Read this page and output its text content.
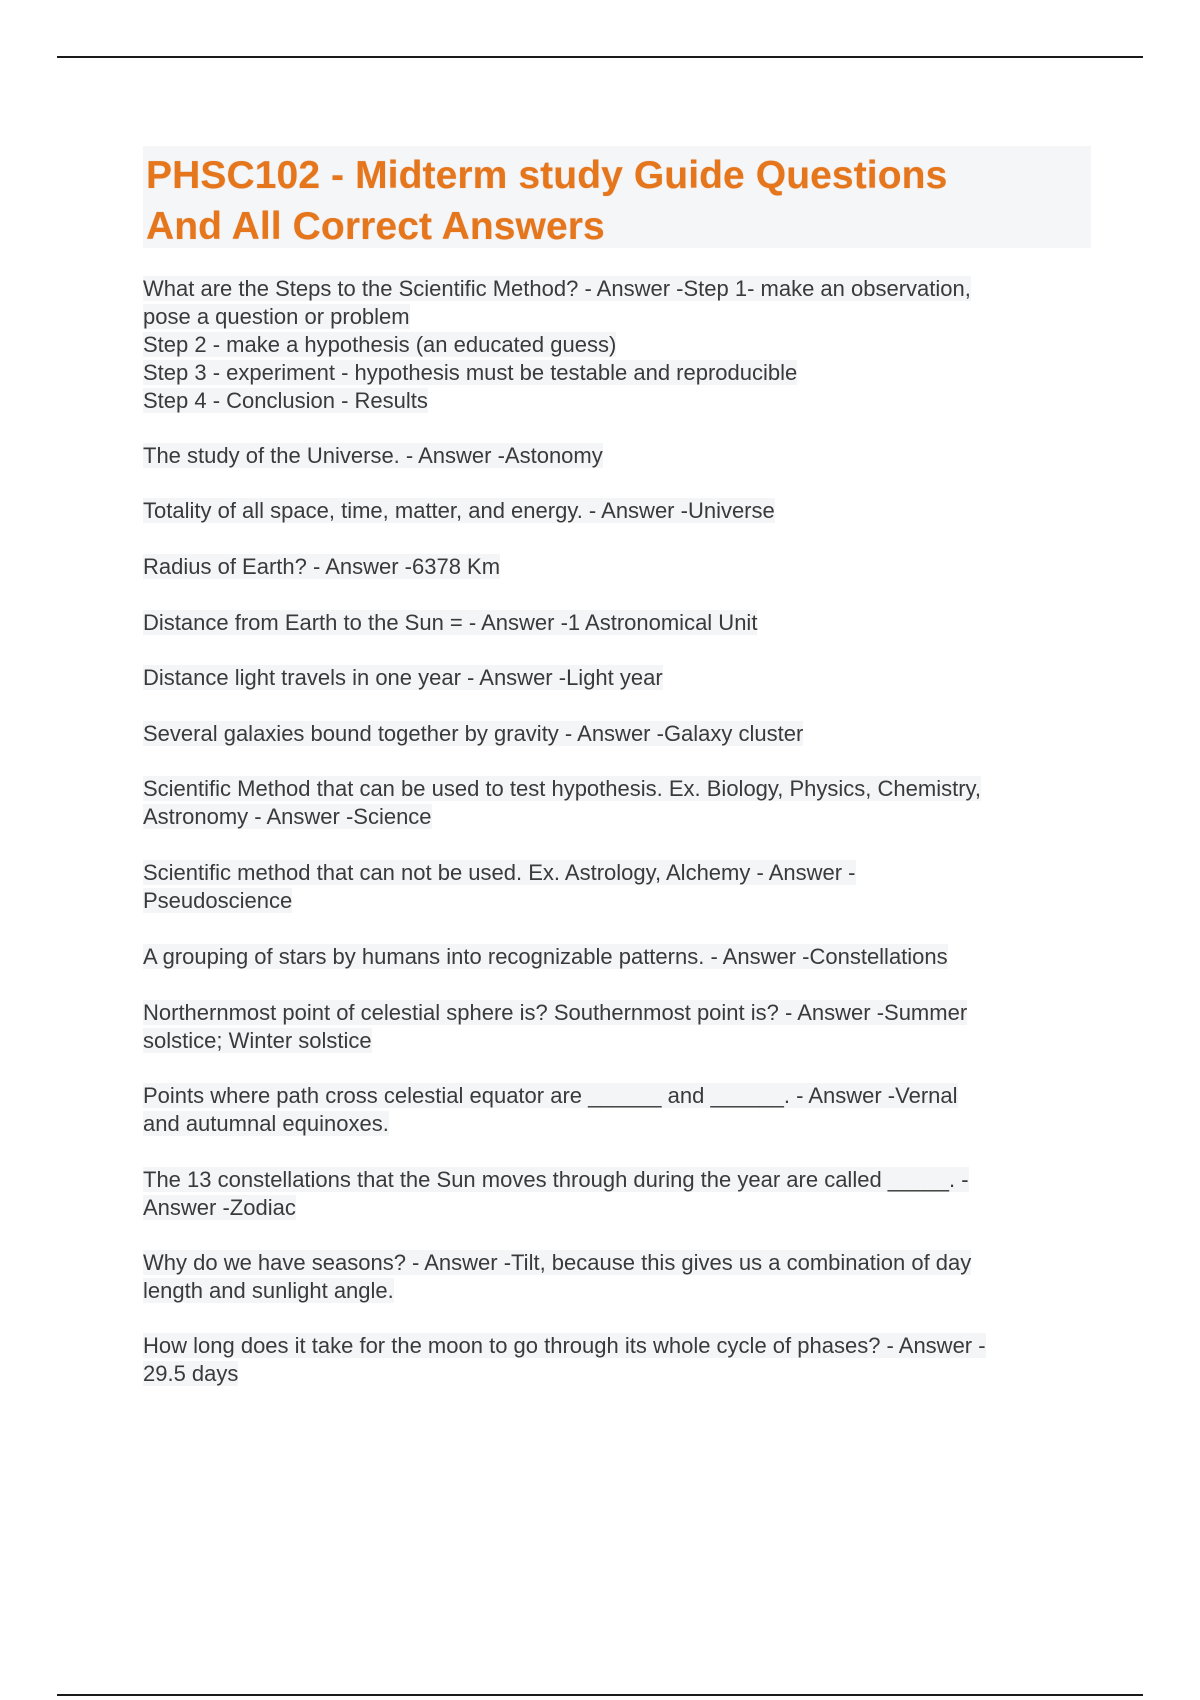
PHSC102 - Midterm study Guide Questions
And All Correct Answers

What are the Steps to the Scientific Method? - Answer -Step 1- make an observation,
pose a question or problem
Step 2 - make a hypothesis (an educated guess)
Step 3 - experiment - hypothesis must be testable and reproducible
Step 4 - Conclusion - Results

The study of the Universe. - Answer -Astonomy

Totality of all space, time, matter, and energy. - Answer -Universe

Radius of Earth? - Answer -6378 Km

Distance from Earth to the Sun = - Answer -1 Astronomical Unit

Distance light travels in one year - Answer -Light year

Several galaxies bound together by gravity - Answer -Galaxy cluster

Scientific Method that can be used to test hypothesis. Ex. Biology, Physics, Chemistry,
Astronomy - Answer -Science

Scientific method that can not be used. Ex. Astrology, Alchemy - Answer -
Pseudoscience

A grouping of stars by humans into recognizable patterns. - Answer -Constellations

Northernmost point of celestial sphere is? Southernmost point is? - Answer -Summer
solstice; Winter solstice

Points where path cross celestial equator are ______ and ______. - Answer -Vernal
and autumnal equinoxes.

The 13 constellations that the Sun moves through during the year are called _____. -
Answer -Zodiac

Why do we have seasons? - Answer -Tilt, because this gives us a combination of day
length and sunlight angle.

How long does it take for the moon to go through its whole cycle of phases? - Answer -
29.5 days
